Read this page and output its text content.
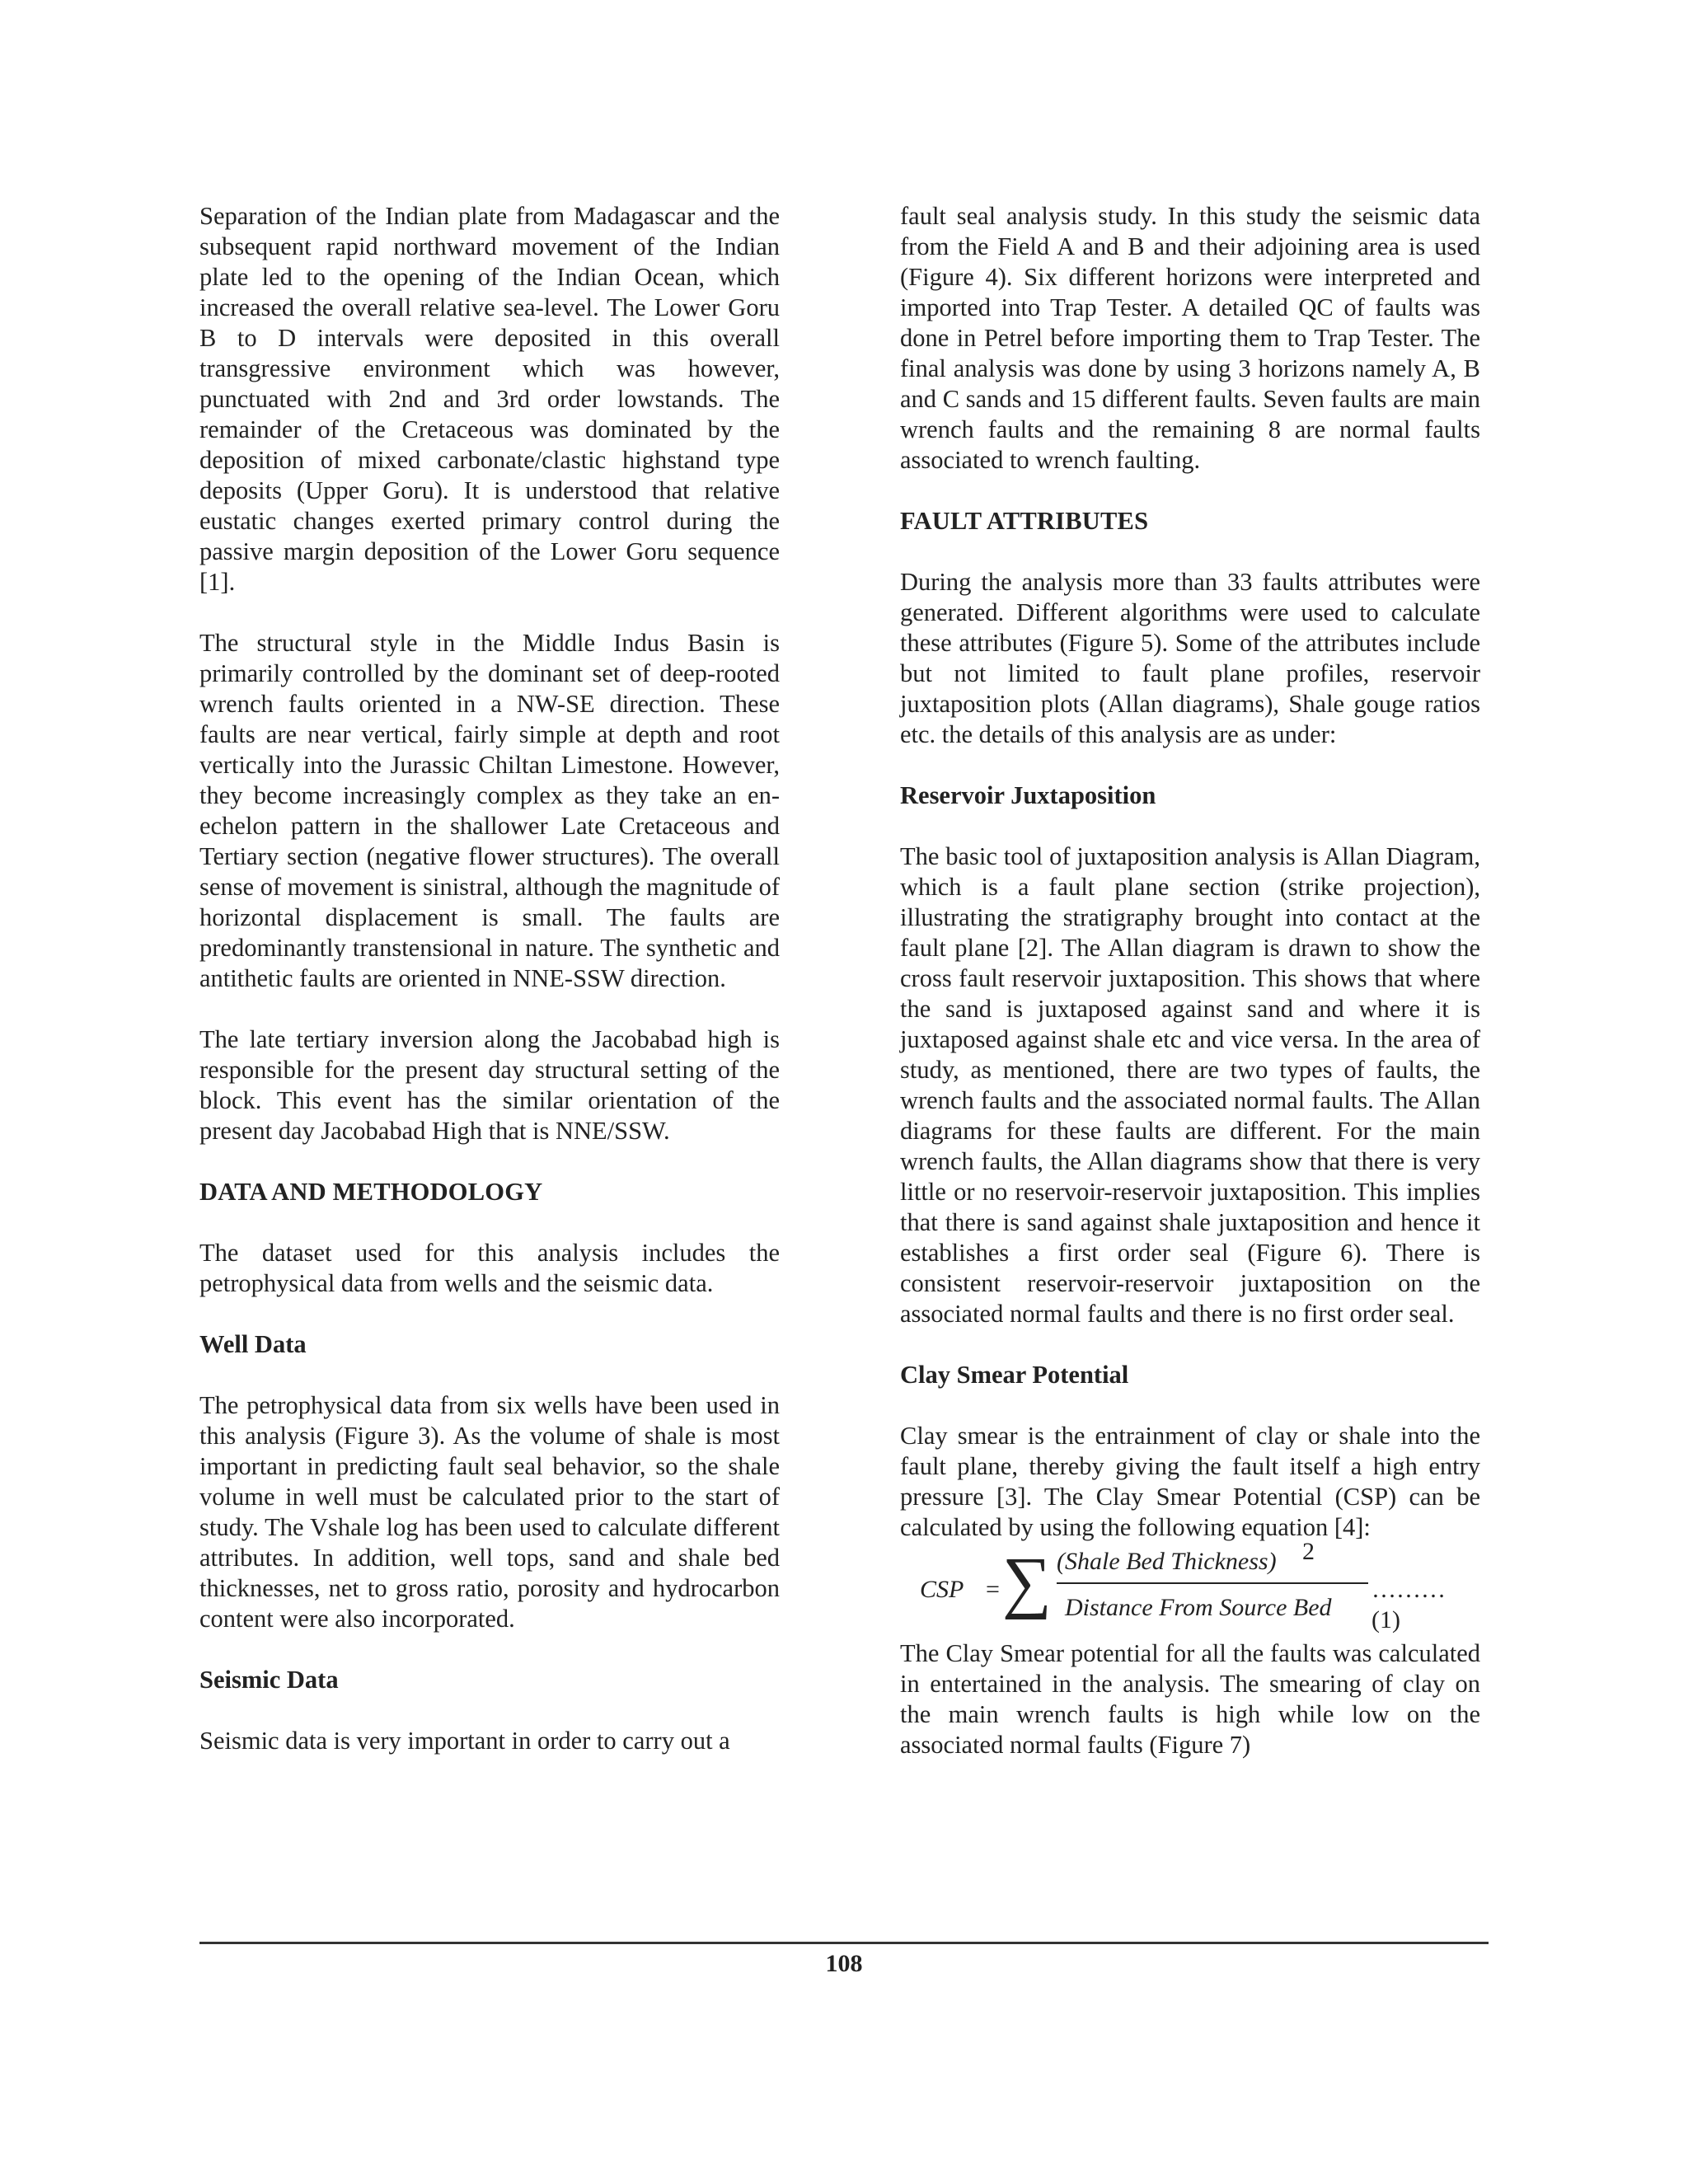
Separation of the Indian plate from Madagascar and the subsequent rapid northward movement of the Indian plate led to the opening of the Indian Ocean, which increased the overall relative sea-level. The Lower Goru B to D intervals were deposited in this overall transgressive environment which was however, punctuated with 2nd and 3rd order lowstands. The remainder of the Cretaceous was dominated by the deposition of mixed carbonate/clastic highstand type deposits (Upper Goru). It is understood that relative eustatic changes exerted primary control during the passive margin deposition of the Lower Goru sequence [1].

The structural style in the Middle Indus Basin is primarily controlled by the dominant set of deep-rooted wrench faults oriented in a NW-SE direction. These faults are near vertical, fairly simple at depth and root vertically into the Jurassic Chiltan Limestone. However, they become increasingly complex as they take an en-echelon pattern in the shallower Late Cretaceous and Tertiary section (negative flower structures). The overall sense of movement is sinistral, although the magnitude of horizontal displacement is small. The faults are predominantly transtensional in nature. The synthetic and antithetic faults are oriented in NNE-SSW direction.

The late tertiary inversion along the Jacobabad high is responsible for the present day structural setting of the block. This event has the similar orientation of the present day Jacobabad High that is NNE/SSW.

DATA AND METHODOLOGY

The dataset used for this analysis includes the petrophysical data from wells and the seismic data.

Well Data

The petrophysical data from six wells have been used in this analysis (Figure 3). As the volume of shale is most important in predicting fault seal behavior, so the shale volume in well must be calculated prior to the start of study. The Vshale log has been used to calculate different attributes. In addition, well tops, sand and shale bed thicknesses, net to gross ratio, porosity and hydrocarbon content were also incorporated.

Seismic Data

Seismic data is very important in order to carry out a

fault seal analysis study. In this study the seismic data from the Field A and B and their adjoining area is used (Figure 4). Six different horizons were interpreted and imported into Trap Tester. A detailed QC of faults was done in Petrel before importing them to Trap Tester. The final analysis was done by using 3 horizons namely A, B and C sands and 15 different faults. Seven faults are main wrench faults and the remaining 8 are normal faults associated to wrench faulting.

FAULT ATTRIBUTES

During the analysis more than 33 faults attributes were generated. Different algorithms were used to calculate these attributes (Figure 5). Some of the attributes include but not limited to fault plane profiles, reservoir juxtaposition plots (Allan diagrams), Shale gouge ratios etc. the details of this analysis are as under:

Reservoir Juxtaposition

The basic tool of juxtaposition analysis is Allan Diagram, which is a fault plane section (strike projection), illustrating the stratigraphy brought into contact at the fault plane [2]. The Allan diagram is drawn to show the cross fault reservoir juxtaposition. This shows that where the sand is juxtaposed against sand and where it is juxtaposed against shale etc and vice versa. In the area of study, as mentioned, there are two types of faults, the wrench faults and the associated normal faults. The Allan diagrams for these faults are different. For the main wrench faults, the Allan diagrams show that there is very little or no reservoir-reservoir juxtaposition. This implies that there is sand against shale juxtaposition and hence it establishes a first order seal (Figure 6). There is consistent reservoir-reservoir juxtaposition on the associated normal faults and there is no first order seal.

Clay Smear Potential

Clay smear is the entrainment of clay or shale into the fault plane, thereby giving the fault itself a high entry pressure [3]. The Clay Smear Potential (CSP) can be calculated by using the following equation [4]:

CSP = ∑ (Shale Bed Thickness) 2
Distance From Source Bed
……… (1)

The Clay Smear potential for all the faults was calculated in entertained in the analysis. The smearing of clay on the main wrench faults is high while low on the associated normal faults (Figure 7)

108
